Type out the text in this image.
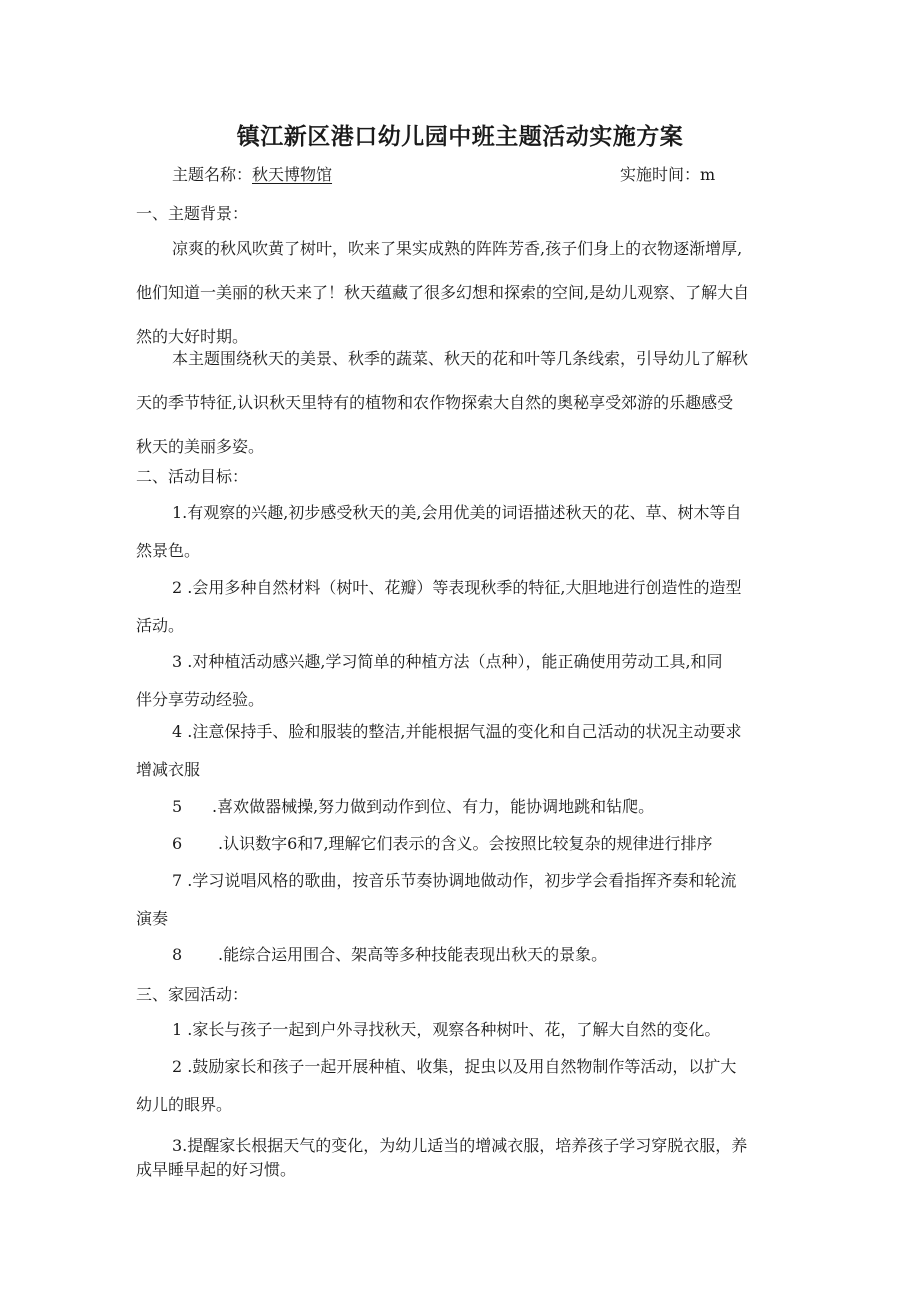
镇江新区港口幼儿园中班主题活动实施方案
主题名称：秋天博物馆	实施时间：m
一、主题背景：
凉爽的秋风吹黄了树叶，吹来了果实成熟的阵阵芳香,孩子们身上的衣物逐渐增厚,
他们知道一美丽的秋天来了！秋天蕴藏了很多幻想和探索的空间,是幼儿观察、了解大自
然的大好时期。
本主题围绕秋天的美景、秋季的蔬菜、秋天的花和叶等几条线索，引导幼儿了解秋
天的季节特征,认识秋天里特有的植物和农作物探索大自然的奥秘享受郊游的乐趣感受
秋天的美丽多姿。
二、活动目标：
1.有观察的兴趣,初步感受秋天的美,会用优美的词语描述秋天的花、草、树木等自
然景色。
2 .会用多种自然材料（树叶、花瓣）等表现秋季的特征,大胆地进行创造性的造型
活动。
3 .对种植活动感兴趣,学习简单的种植方法（点种），能正确使用劳动工具,和同
伴分享劳动经验。
4 .注意保持手、脸和服装的整洁,并能根据气温的变化和自己活动的状况主动要求
增减衣服
5 .喜欢做器械操,努力做到动作到位、有力，能协调地跳和钻爬。
6 .认识数字6和7,理解它们表示的含义。会按照比较复杂的规律进行排序
7 .学习说唱风格的歌曲，按音乐节奏协调地做动作，初步学会看指挥齐奏和轮流
演奏
8 .能综合运用围合、架高等多种技能表现出秋天的景象。
三、家园活动：
1 .家长与孩子一起到户外寻找秋天，观察各种树叶、花，了解大自然的变化。
2 .鼓励家长和孩子一起开展种植、收集，捉虫以及用自然物制作等活动，以扩大
幼儿的眼界。
3.提醒家长根据天气的变化，为幼儿适当的增减衣服，培养孩子学习穿脱衣服，养
成早睡早起的好习惯。
